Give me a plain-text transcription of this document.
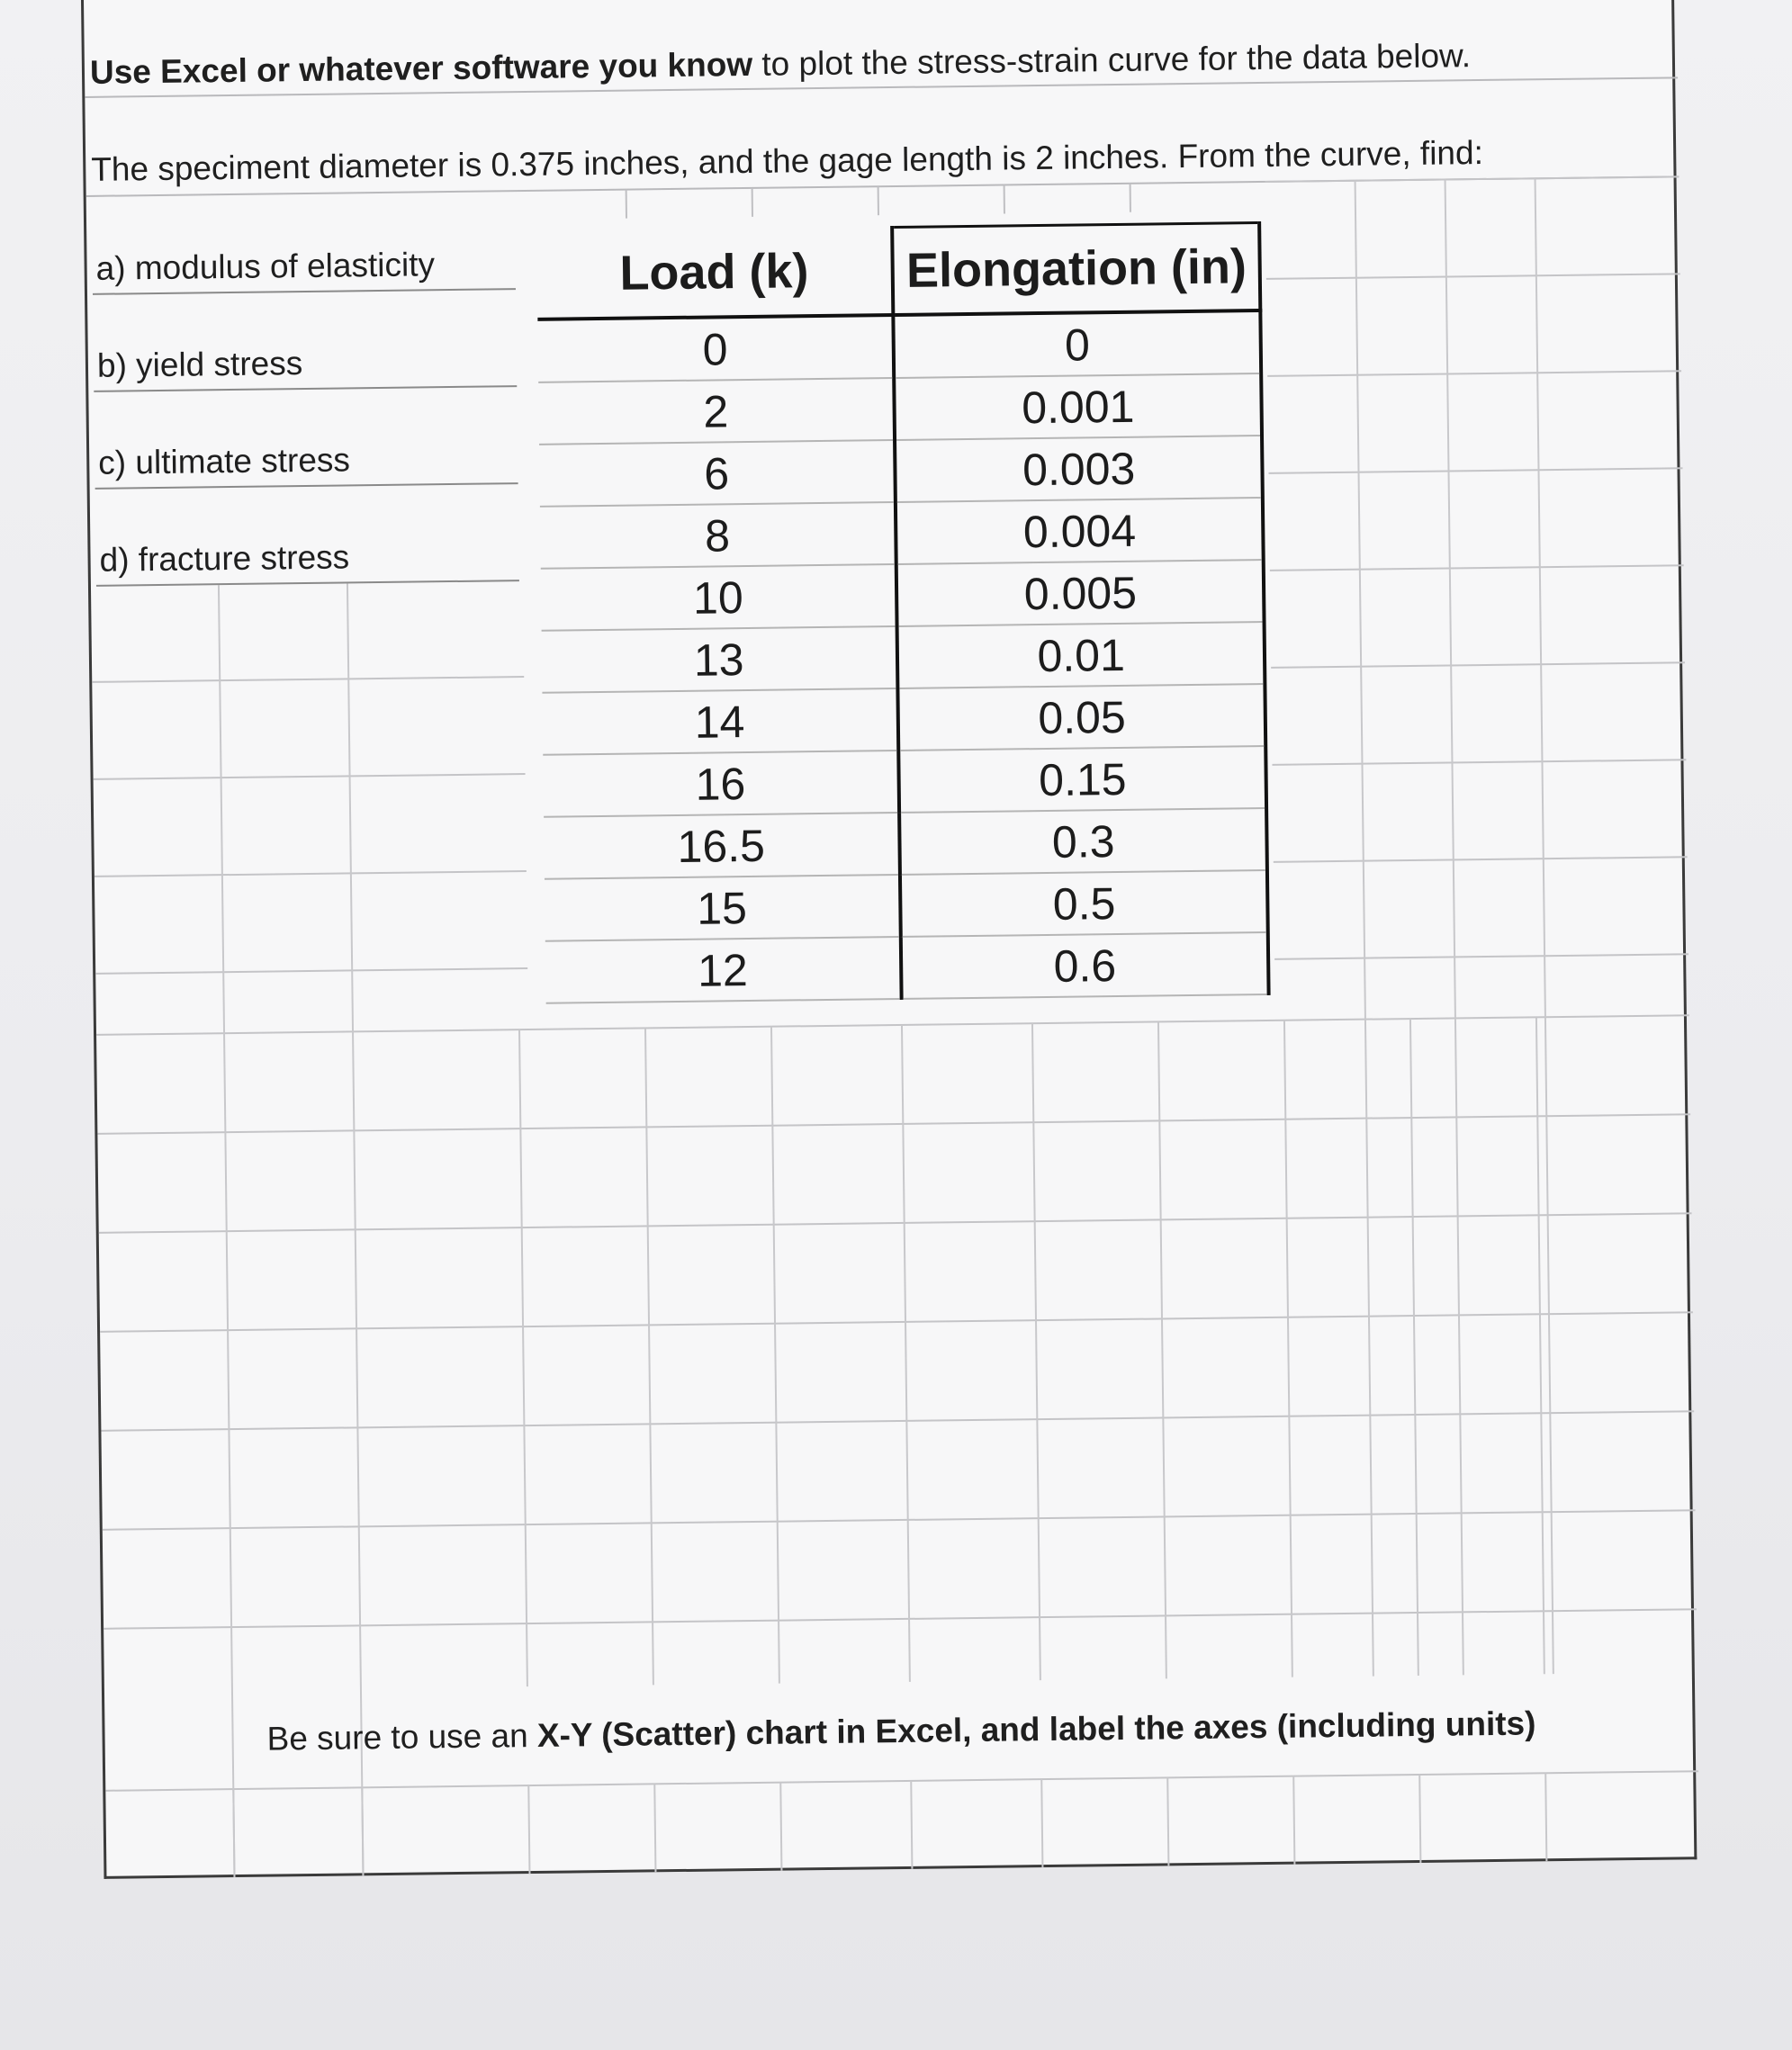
Use Excel or whatever software you know to plot the stress-strain curve for the data below.
The speciment diameter is 0.375 inches, and the gage length is 2 inches. From the curve, find:
a) modulus of elasticity
b) yield stress
c) ultimate stress
d) fracture stress
Load (k)	Elongation (in)
0	0
2	0.001
6	0.003
8	0.004
10	0.005
13	0.01
14	0.05
16	0.15
16.5	0.3
15	0.5
12	0.6
Be sure to use an X-Y (Scatter) chart in Excel, and label the axes (including units)
